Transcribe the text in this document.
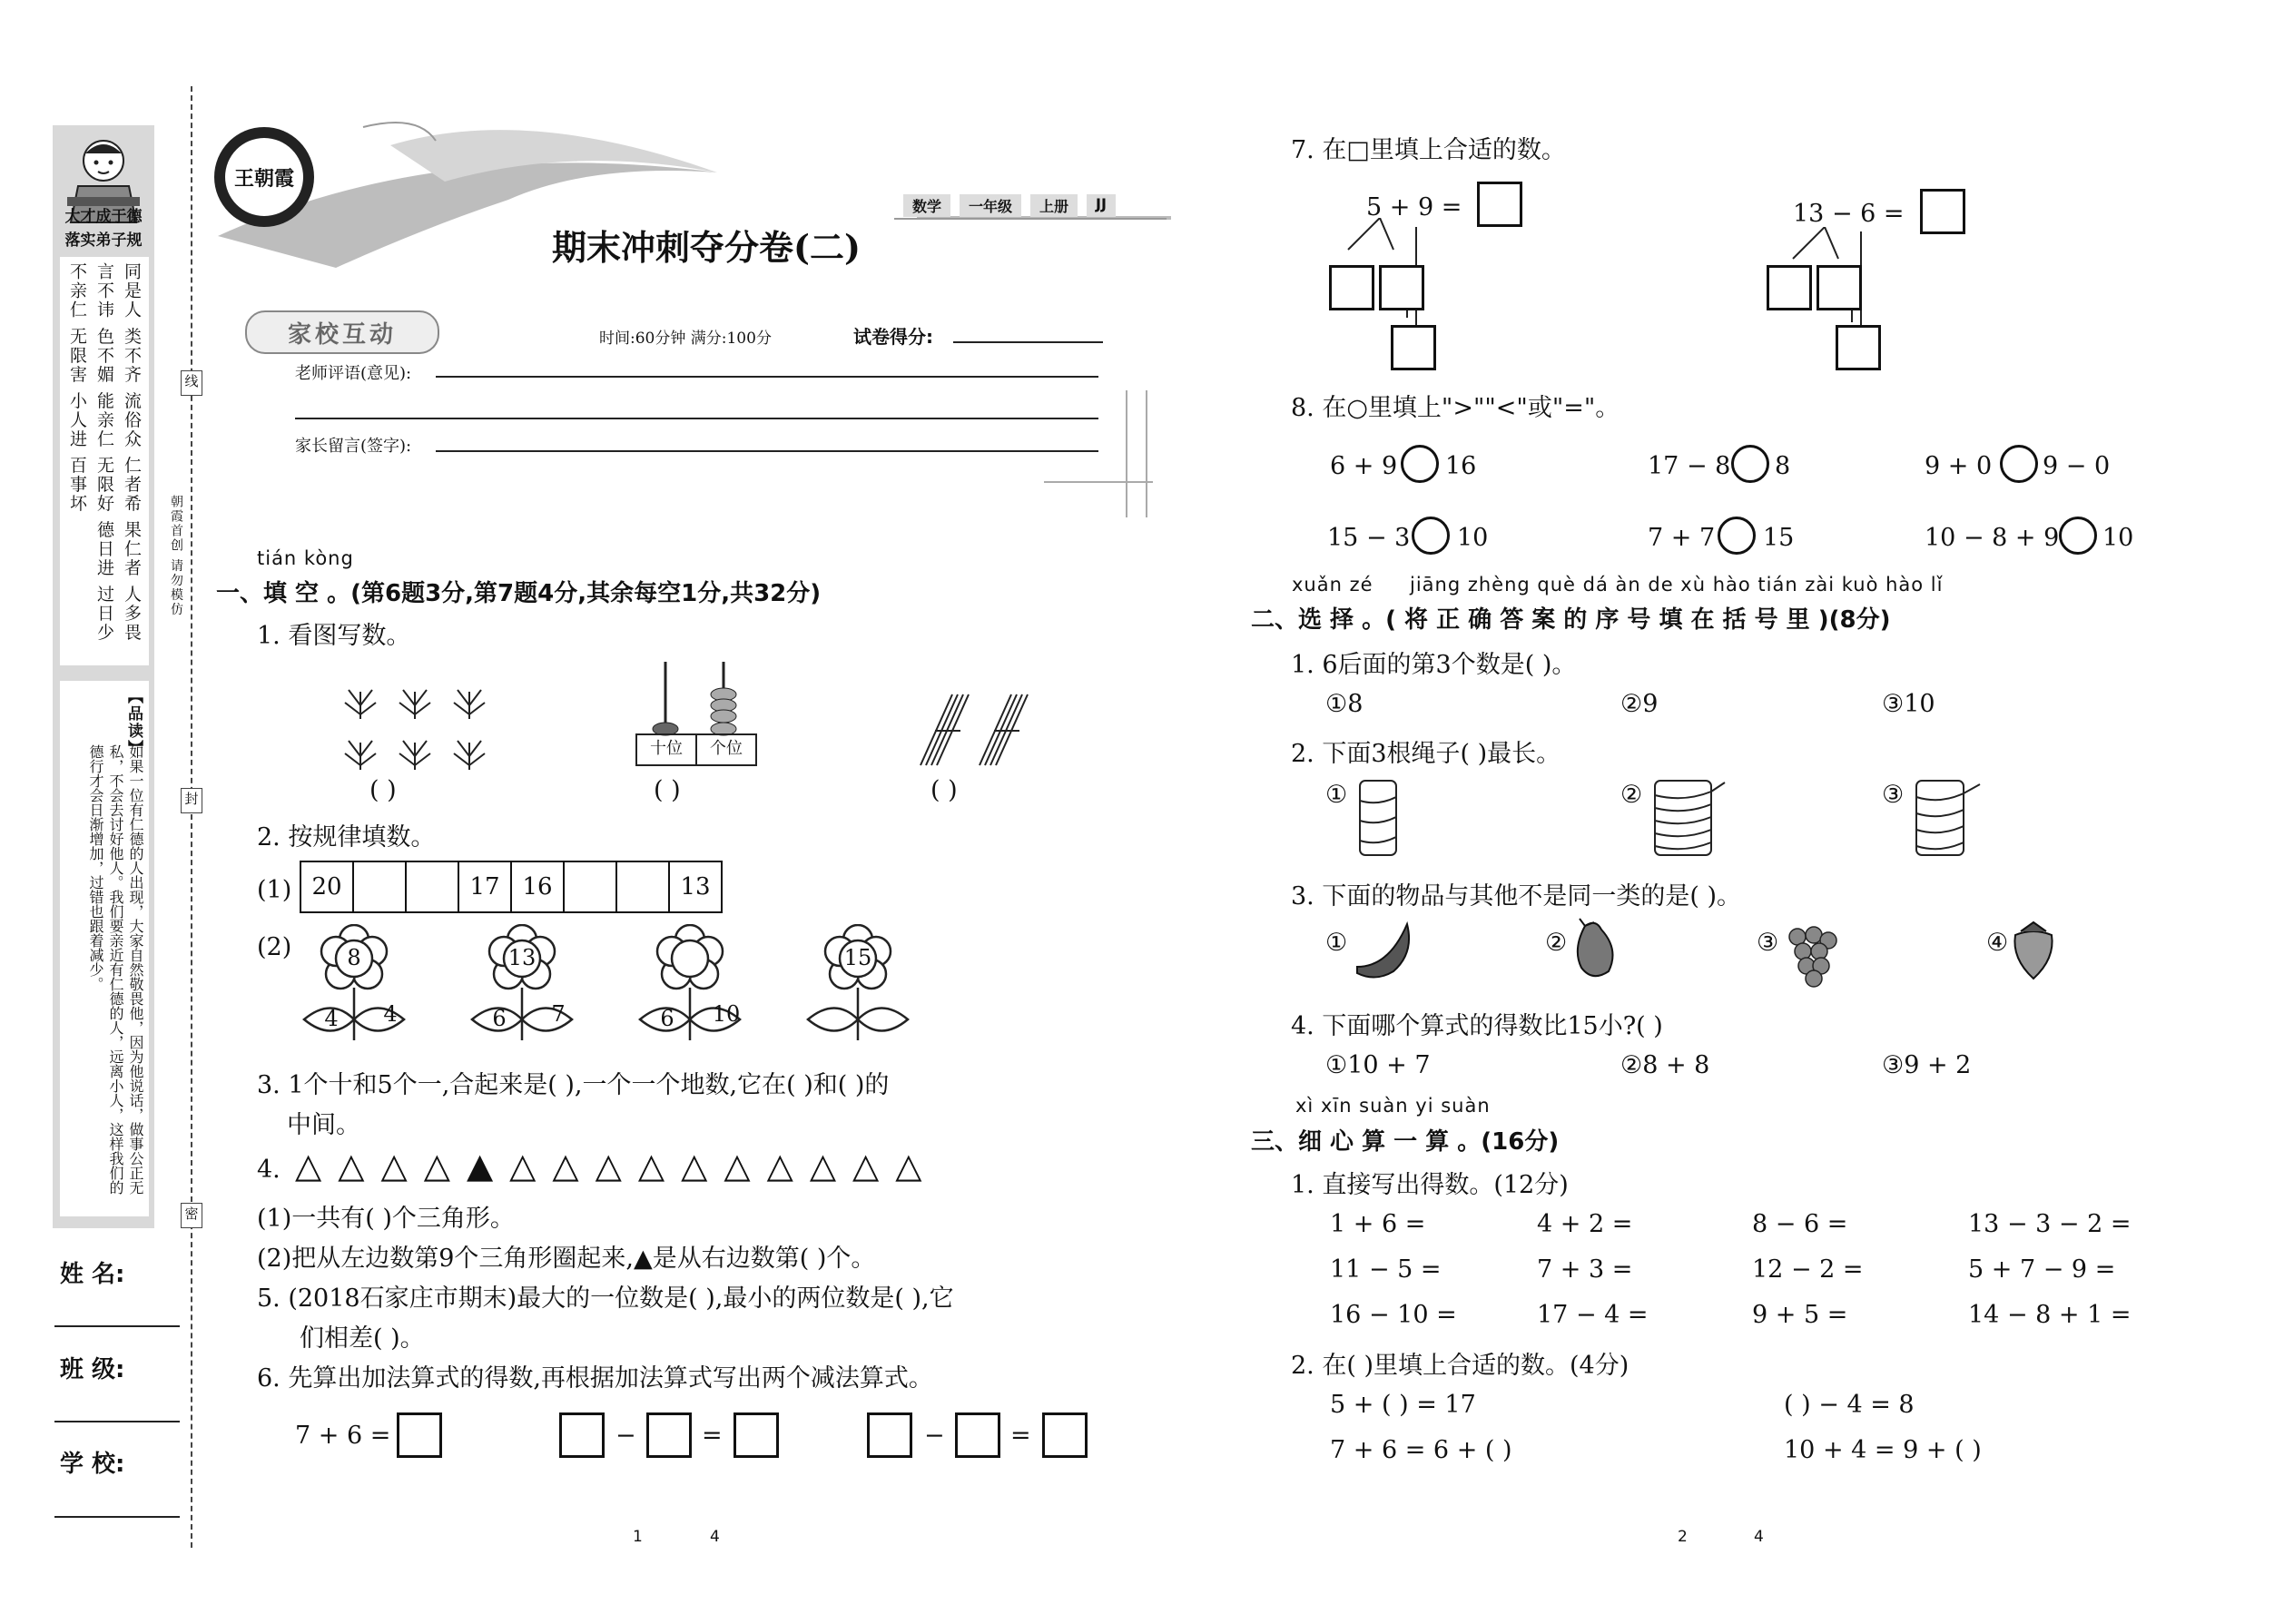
大才成于德
落实弟子规
同是人 类不齐 流俗众 仁者希 果仁者 人多畏
言不讳 色不媚 能亲仁 无限好 德日进 过日少
不亲仁 无限害 小人进 百事坏
【品读】
如果一位有仁德的人出现，大家自然敬畏他，因为他说话，做事公正无私，不会去讨好他人。我们要亲近有仁德的人，远离小人，这样我们的德行才会日渐增加，过错也跟着减少。
姓 名:
班 级:
学 校:
线
封
密
朝霞首创 请勿模仿
王朝霞
数学	一年级	上册	JJ
期末冲刺夺分卷(二)
家校互动	时间:60分钟 满分:100分	试卷得分:
老师评语(意见):
家长留言(签字):
tián kòng
一、填 空 。(第6题3分,第7题4分,其余每空1分,共32分)
1. 看图写数。
十位	个位
( )	( )	( )
2. 按规律填数。
(1) 20			17	16			13
(2)	8
4	4
13
6	7	6	10
15
3. 1个十和5个一,合起来是( ),一个一个地数,它在( )和( )的
中间。
4. △ △ △ △ ▲ △ △ △ △ △ △ △ △ △ △
(1)一共有( )个三角形。
(2)把从左边数第9个三角形圈起来,▲是从右边数第( )个。
5. (2018石家庄市期末)最大的一位数是( ),最小的两位数是( ),它
们相差( )。
6. 先算出加法算式的得数,再根据加法算式写出两个减法算式。
7 + 6 =	−	=	−	=
1	4
7. 在□里填上合适的数。
5 + 9 =	13 − 6 =
8. 在○里填上">""<"或"="。
6 + 9 16	17 − 8 8	9 + 0 9 − 0
15 − 3 10	7 + 7 15	10 − 8 + 9 10
xuǎn zé jiāng zhèng què dá àn de xù hào tián zài kuò hào lǐ
二、选 择 。( 将 正 确 答 案 的 序 号 填 在 括 号 里 )(8分)
1. 6后面的第3个数是( )。
①8	②9	③10
2. 下面3根绳子( )最长。
①	②	③
3. 下面的物品与其他不是同一类的是( )。
①	②	③	④
4. 下面哪个算式的得数比15小?( )
①10 + 7	②8 + 8	③9 + 2
xì xīn suàn yi suàn
三、细 心 算 一 算 。(16分)
1. 直接写出得数。(12分)
1 + 6 =	4 + 2 =	8 − 6 =	13 − 3 − 2 =
11 − 5 =	7 + 3 =	12 − 2 =	5 + 7 − 9 =
16 − 10 =	17 − 4 =	9 + 5 =	14 − 8 + 1 =
2. 在( )里填上合适的数。(4分)
5 + ( ) = 17	( ) − 4 = 8
7 + 6 = 6 + ( )	10 + 4 = 9 + ( )
2	4
